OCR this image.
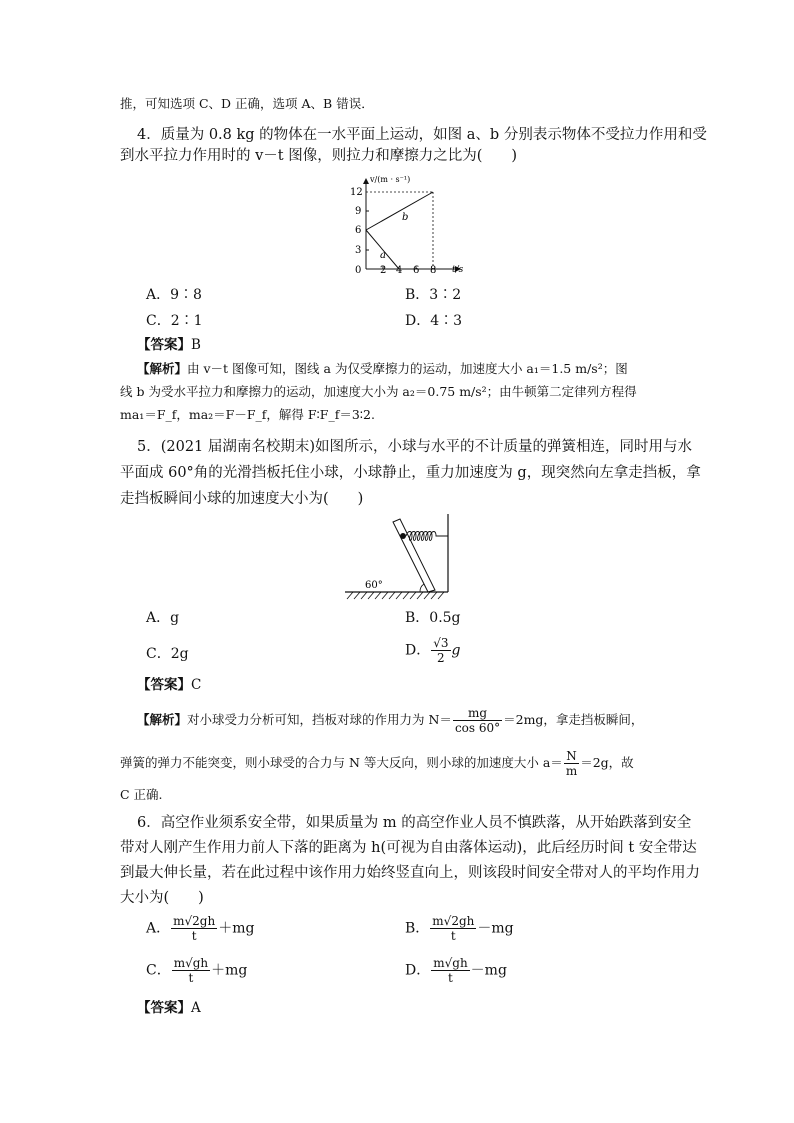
推，可知选项 C、D 正确，选项 A、B 错误．
4．质量为 0.8 kg 的物体在一水平面上运动，如图 a、b 分别表示物体不受拉力作用和受
到水平拉力作用时的 v－t 图像，则拉力和摩擦力之比为(　　)
v/(m · s⁻¹)
t/s
12
9
6
3
0 2 4 6 8
a
b
A．9∶8	B．3∶2
C．2∶1	D．4∶3
【答案】B
【解析】由 v－t 图像可知，图线 a 为仅受摩擦力的运动，加速度大小 a₁＝1.5 m/s²；图
线 b 为受水平拉力和摩擦力的运动，加速度大小为 a₂＝0.75 m/s²；由牛顿第二定律列方程得
ma₁＝F_f，ma₂＝F－F_f，解得 F∶F_f＝3∶2.
5．(2021 届湖南名校期末)如图所示，小球与水平的不计质量的弹簧相连，同时用与水
平面成 60°角的光滑挡板托住小球，小球静止，重力加速度为 g，现突然向左拿走挡板，拿
走挡板瞬间小球的加速度大小为(　　)
60°
A．g	B．0.5g
C．2g	D． $\frac{√3}{2}$ g
【答案】C
【解析】对小球受力分析可知，挡板对球的作用力为 $N= \frac{mg}{\cos 60^\circ} =2mg$，拿走挡板瞬间，
弹簧的弹力不能突变，则小球受的合力与 N 等大反向，则小球的加速度大小 $a= \frac{N}{m} =2g$，故
C 正确.
6．高空作业须系安全带，如果质量为 m 的高空作业人员不慎跌落，从开始跌落到安全
带对人刚产生作用力前人下落的距离为 h(可视为自由落体运动)，此后经历时间 t 安全带达
到最大伸长量，若在此过程中该作用力始终竖直向上，则该段时间安全带对人的平均作用力
大小为(　　)
A． $\frac{m√2gh}{t} +mg$	B． $\frac{m√2gh}{t} -mg$
C． $\frac{m√gh}{t} +mg$	D． $\frac{m√gh}{t} -mg$
【答案】A
